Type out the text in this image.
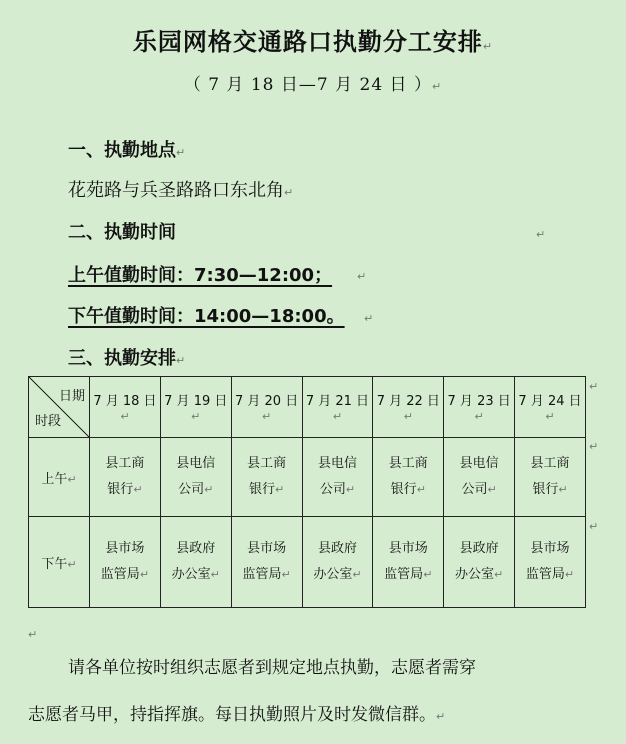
乐园网格交通路口执勤分工安排↵
（ 7 月 18 日—7 月 24 日 ）↵
一、执勤地点↵
花苑路与兵圣路路口东北角↵
二、执勤时间	↵
上午值勤时间：7:30—12:00； ↵
下午值勤时间：14:00—18:00。 ↵
三、执勤安排↵
日期
时段	7 月 18 日↵	7 月 19 日↵	7 月 20 日↵	7 月 21 日↵	7 月 22 日↵	7 月 23 日↵	7 月 24 日↵
上午↵	县工商
银行↵	县电信
公司↵	县工商
银行↵	县电信
公司↵	县工商
银行↵	县电信
公司↵	县工商
银行↵

下午↵	县市场
监管局↵	县政府
办公室↵	县市场
监管局↵	县政府
办公室↵	县市场
监管局↵	县政府
办公室↵	县市场
监管局↵
↵
↵
↵
↵
请各单位按时组织志愿者到规定地点执勤，志愿者需穿
志愿者马甲，持指挥旗。每日执勤照片及时发微信群。↵
